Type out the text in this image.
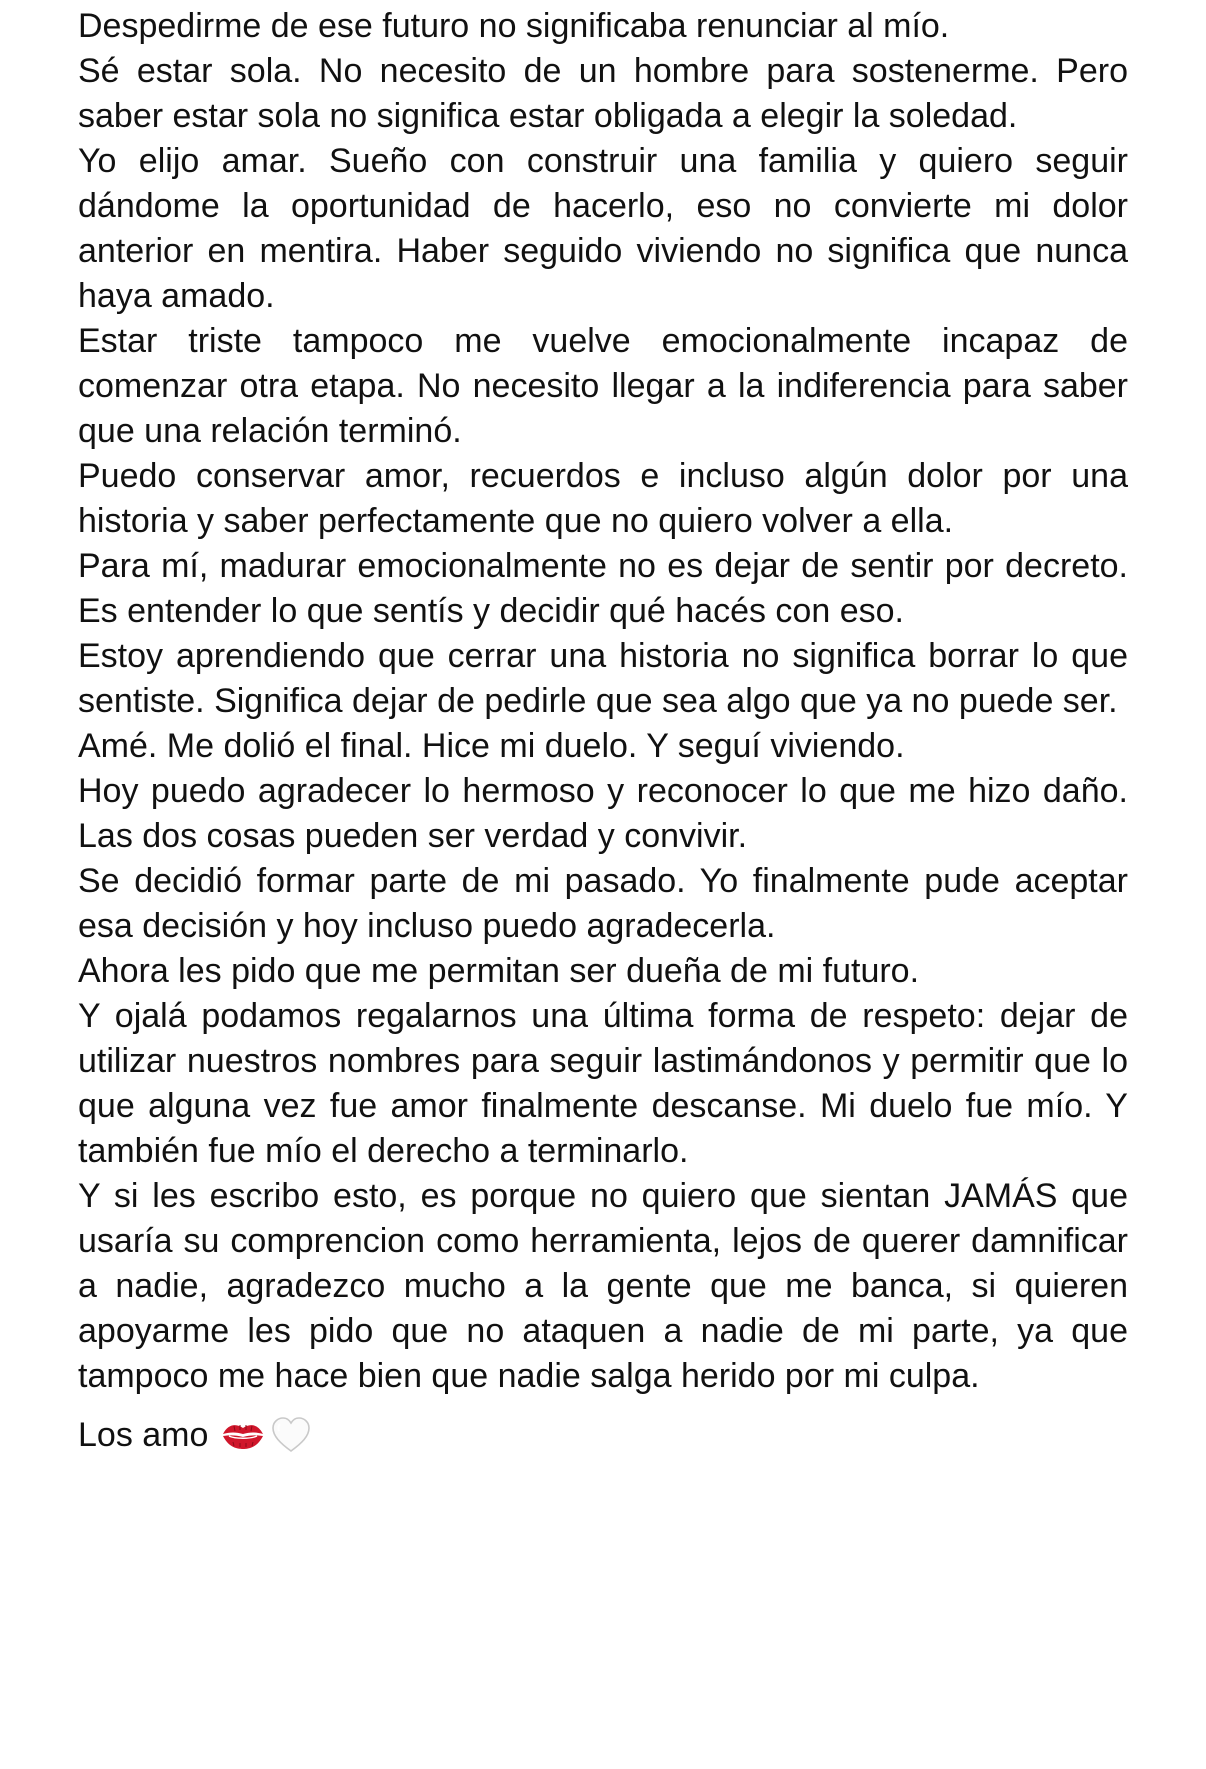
Despedirme de ese futuro no significaba renunciar al mío.

Sé estar sola. No necesito de un hombre para sostenerme. Pero saber estar sola no significa estar obligada a elegir la soledad.

Yo elijo amar. Sueño con construir una familia y quiero seguir dándome la oportunidad de hacerlo, eso no convierte mi dolor anterior en mentira. Haber seguido viviendo no significa que nunca haya amado.

Estar triste tampoco me vuelve emocionalmente incapaz de comenzar otra etapa. No necesito llegar a la indiferencia para saber que una relación terminó.

Puedo conservar amor, recuerdos e incluso algún dolor por una historia y saber perfectamente que no quiero volver a ella.

Para mí, madurar emocionalmente no es dejar de sentir por decreto. Es entender lo que sentís y decidir qué hacés con eso.

Estoy aprendiendo que cerrar una historia no significa borrar lo que sentiste. Significa dejar de pedirle que sea algo que ya no puede ser.

Amé. Me dolió el final. Hice mi duelo. Y seguí viviendo.

Hoy puedo agradecer lo hermoso y reconocer lo que me hizo daño. Las dos cosas pueden ser verdad y convivir.

Se decidió formar parte de mi pasado. Yo finalmente pude aceptar esa decisión y hoy incluso puedo agradecerla.

Ahora les pido que me permitan ser dueña de mi futuro.

Y ojalá podamos regalarnos una última forma de respeto: dejar de utilizar nuestros nombres para seguir lastimándonos y permitir que lo que alguna vez fue amor finalmente descanse. Mi duelo fue mío. Y también fue mío el derecho a terminarlo.

Y si les escribo esto, es porque no quiero que sientan JAMÁS que usaría su comprencion como herramienta, lejos de querer damnificar a nadie, agradezco mucho a la gente que me banca, si quieren apoyarme les pido que no ataquen a nadie de mi parte, ya que tampoco me hace bien que nadie salga herido por mi culpa.

Los amo
